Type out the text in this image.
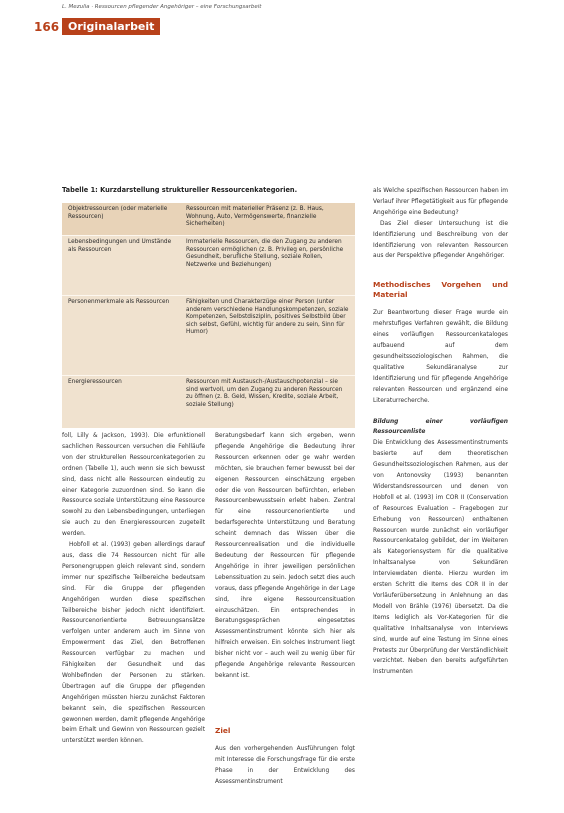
L. Mezulia · Ressourcen pflegender Angehöriger – eine Forschungsarbeit
166 Originalarbeit
Tabelle 1: Kurzdarstellung struktureller Ressourcenkategorien.
Objektressourcen (oder materielle Ressourcen)
Ressourcen mit materieller Präsenz (z. B. Haus, Wohnung, Auto, Vermögenswerte, finanzielle Sicherheiten)
Lebensbedingungen und Umstände als Ressourcen
Immaterielle Ressourcen, die den Zugang zu anderen Ressourcen ermöglichen (z. B. Privileg en, persönliche Gesundheit, berufliche Stellung, soziale Rollen, Netzwerke und Beziehungen)
Personenmerkmale als Ressourcen	Fähigkeiten und Charakterzüge einer Person (unter anderem verschiedene Handlungskompetenzen, soziale Kompetenzen, Selbstdisziplin, positives Selbstbild über sich selbst, Gefühl, wichtig für andere zu sein, Sinn für Humor)
Energieressourcen	Ressourcen mit Austausch-/Austauschpotenzial – sie sind wertvoll, um den Zugang zu anderen Ressourcen zu öffnen (z. B. Geld, Wissen, Kredite, soziale Arbeit, soziale Stellung)

foll, Lilly & Jackson, 1993). Die erfunktionell sachlichen Ressourcen versuchen die Fehlläufe von der strukturellen Ressourcenkategorien zu ordnen (Tabelle 1), auch wenn sie sich bewusst sind, dass nicht alle Ressourcen eindeutig zu einer Kategorie zuzuordnen sind. So kann die Ressource soziale Unterstützung eine Ressource sowohl zu den Lebensbedingungen, unterliegen sie auch zu den Energieressourcen zugeteilt werden.

Hobfoll et al. (1993) geben allerdings darauf aus, dass die 74 Ressourcen nicht für alle Personengruppen gleich relevant sind, sondern immer nur spezifische Teilbereiche bedeutsam sind. Für die Gruppe der pflegenden Angehörigen wurden diese spezifischen Teilbereiche bisher jedoch nicht identifiziert. Ressourcenorientierte Betreuungsansätze verfolgen unter anderem auch im Sinne von Empowerment das Ziel, den Betroffenen Ressourcen verfügbar zu machen und Fähigkeiten der Gesundheit und das Wohlbefinden der Personen zu stärken. Übertragen auf die Gruppe der pflegenden Angehörigen müssten hierzu zunächst Faktoren bekannt sein, die spezifischen Ressourcen gewonnen werden, damit pflegende Angehörige beim Erhalt und Gewinn von Ressourcen gezielt unterstützt werden können.

Beratungsbedarf kann sich ergeben, wenn pflegende Angehörige die Bedeutung ihrer Ressourcen erkennen oder ge wahr werden möchten, sie brauchen ferner bewusst bei der eigenen Ressourcen einschätzung ergeben oder die von Ressourcen befürchten, erleben Ressourcenbewusstsein erlebt haben. Zentral für eine ressourcenorientierte und bedarfsgerechte Unterstützung und Beratung scheint demnach das Wissen über die Ressourcenrealisation und die individuelle Bedeutung der Ressourcen für pflegende Angehörige in ihrer jeweiligen persönlichen Lebenssituation zu sein. Jedoch setzt dies auch voraus, dass pflegende Angehörige in der Lage sind, ihre eigene Ressourcensituation einzuschätzen. Ein entsprechendes in Beratungsgesprächen eingesetztes Assessmentinstrument könnte sich hier als hilfreich erweisen. Ein solches Instrument liegt bisher nicht vor – auch weil zu wenig über für pflegende Angehörige relevante Ressourcen bekannt ist.

Ziel

Aus den vorhergehenden Ausführungen folgt mit Interesse die Forschungsfrage für die erste Phase in der Entwicklung des Assessmentinstrument

als Welche spezifischen Ressourcen haben im Verlauf ihrer Pflegetätigkeit aus für pflegende Angehörige eine Bedeutung?

Das Ziel dieser Untersuchung ist die Identifizierung und Beschreibung von der Identifizierung von relevanten Ressourcen aus der Perspektive pflegender Angehöriger.

Methodisches Vorgehen und Material

Zur Beantwortung dieser Frage wurde ein mehrstufiges Verfahren gewählt, die Bildung eines vorläufigen Ressourcenkataloges aufbauend auf dem gesundheitssoziologischen Rahmen, die qualitative Sekundäranalyse zur Identifizierung und für pflegende Angehörige relevanten Ressourcen und ergänzend eine Literaturrecherche.

Bildung einer vorläufigen Ressourcenliste

Die Entwicklung des Assessmentinstruments basierte auf dem theoretischen Gesundheitssoziologischen Rahmen, aus der von Antonovsky (1993) benannten Widerstandsressourcen und denen von Hobfoll et al. (1993) im COR II (Conservation of Resources Evaluation – Fragebogen zur Erhebung von Ressourcen) enthaltenen Ressourcen wurde zunächst ein vorläufiger Ressourcenkatalog gebildet, der im Weiteren als Kategoriensystem für die qualitative Inhaltsanalyse von Sekundären Interviewdaten diente. Hierzu wurden im ersten Schritt die Items des COR II in der Vorläuferübersetzung in Anlehnung an das Modell von Brähle (1976) übersetzt. Da die Items lediglich als Vor-Kategorien für die qualitative Inhaltsanalyse von Interviews sind, wurde auf eine Testung im Sinne eines Pretests zur Überprüfung der Verständlichkeit verzichtet. Neben den bereits aufgeführten Instrumenten
